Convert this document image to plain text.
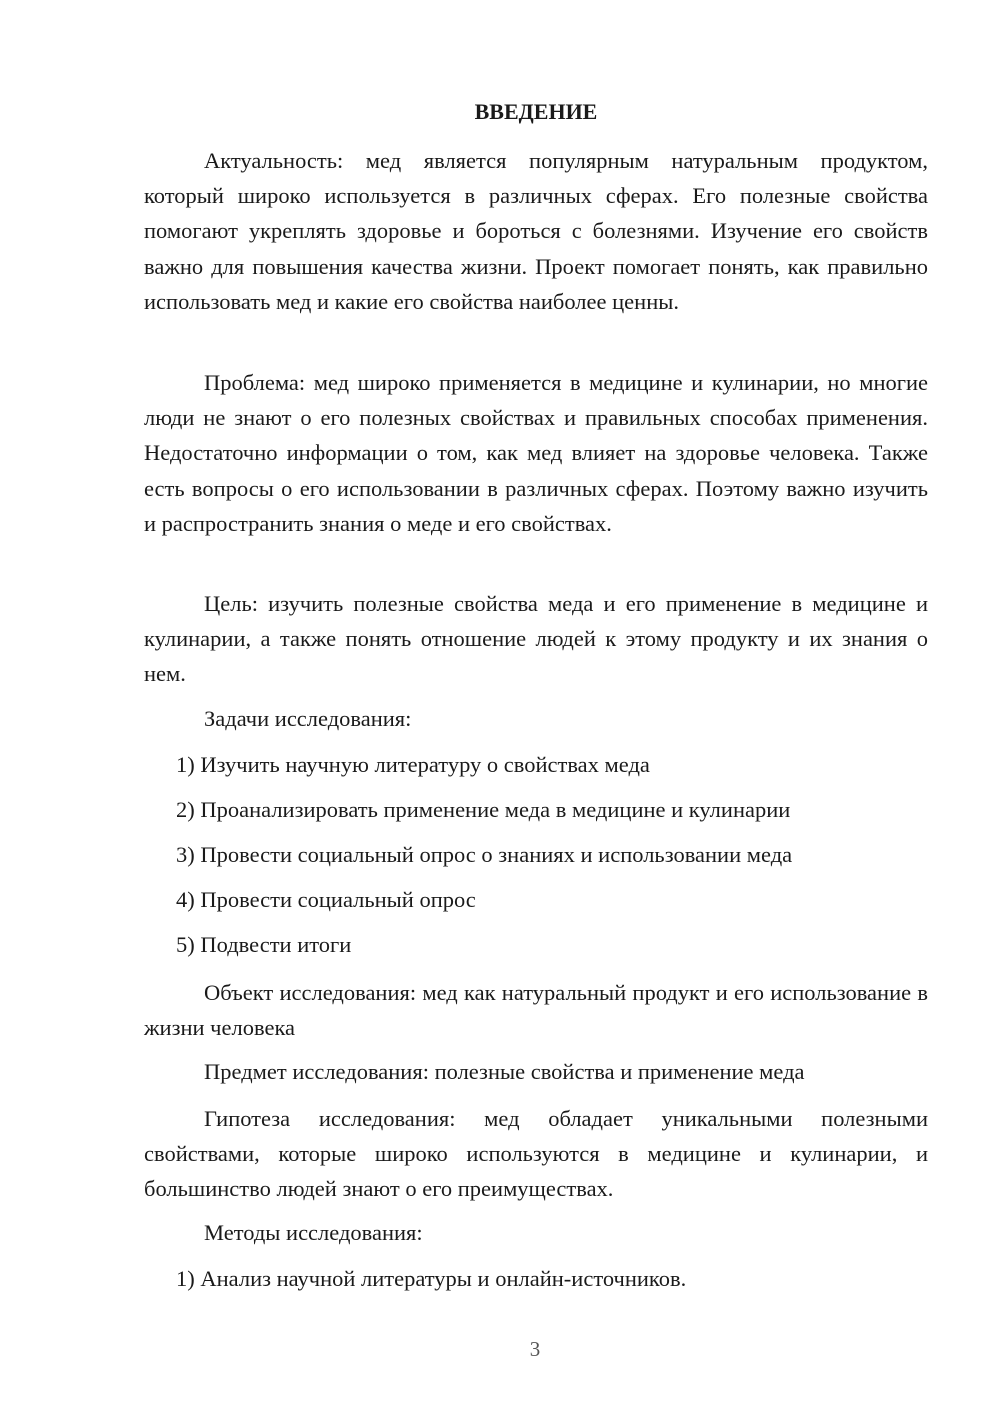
ВВЕДЕНИЕ

Актуальность: мед является популярным натуральным продуктом, который широко используется в различных сферах. Его полезные свойства помогают укреплять здоровье и бороться с болезнями. Изучение его свойств важно для повышения качества жизни. Проект помогает понять, как правильно использовать мед и какие его свойства наиболее ценны.

Проблема: мед широко применяется в медицине и кулинарии, но многие люди не знают о его полезных свойствах и правильных способах применения. Недостаточно информации о том, как мед влияет на здоровье человека. Также есть вопросы о его использовании в различных сферах. Поэтому важно изучить и распространить знания о меде и его свойствах.

Цель: изучить полезные свойства меда и его применение в медицине и кулинарии, а также понять отношение людей к этому продукту и их знания о нем.

Задачи исследования:

1) Изучить научную литературу о свойствах меда

2) Проанализировать применение меда в медицине и кулинарии

3) Провести социальный опрос о знаниях и использовании меда

4) Провести социальный опрос

5) Подвести итоги

Объект исследования: мед как натуральный продукт и его использование в жизни человека

Предмет исследования: полезные свойства и применение меда

Гипотеза исследования: мед обладает уникальными полезными свойствами, которые широко используются в медицине и кулинарии, и большинство людей знают о его преимуществах.

Методы исследования:

1) Анализ научной литературы и онлайн-источников.

3
